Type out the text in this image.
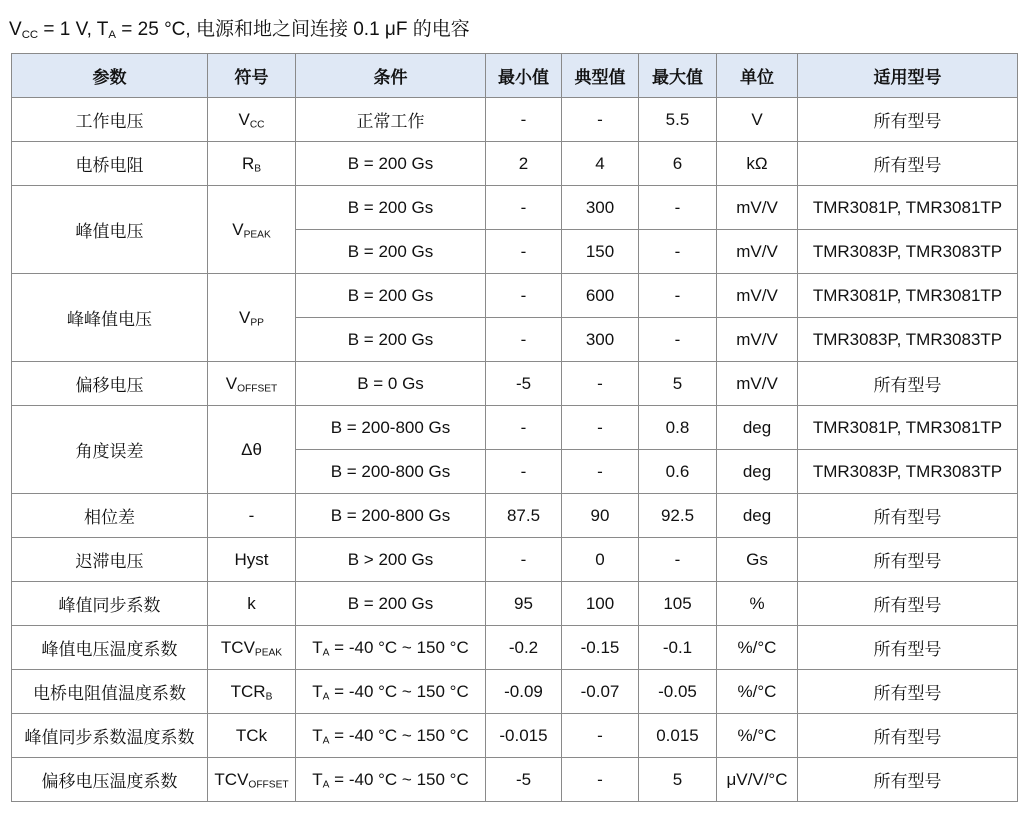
$V_{CC} = 1$ V, $T_A = 25$ °C, 电源和地之间连接 0.1 μF 的电容
参数	符号	条件	最小值	典型值	最大值	单位	适用型号
工作电压	$V_{CC}$	正常工作	-	-	5.5	V	所有型号
电桥电阻	$R_B$	B = 200 Gs	2	4	6	kΩ	所有型号
峰值电压	$V_{PEAK}$	B = 200 Gs	-	300	-	mV/V	TMR3081P, TMR3081TP
		B = 200 Gs	-	150	-	mV/V	TMR3083P, TMR3083TP
峰峰值电压	$V_{PP}$	B = 200 Gs	-	600	-	mV/V	TMR3081P, TMR3081TP
		B = 200 Gs	-	300	-	mV/V	TMR3083P, TMR3083TP
偏移电压	$V_{OFFSET}$	B = 0 Gs	-5	-	5	mV/V	所有型号
角度误差	Δθ	B = 200-800 Gs	-	-	0.8	deg	TMR3081P, TMR3081TP
		B = 200-800 Gs	-	-	0.6	deg	TMR3083P, TMR3083TP
相位差	-	B = 200-800 Gs	87.5	90	92.5	deg	所有型号
迟滞电压	Hyst	B > 200 Gs	-	0	-	Gs	所有型号
峰值同步系数	k	B = 200 Gs	95	100	105	%	所有型号
峰值电压温度系数	$TCV_{PEAK}$	$T_A = -40$ °C ~ 150 °C	-0.2	-0.15	-0.1	%/°C	所有型号
电桥电阻值温度系数	$TCR_B$	$T_A = -40$ °C ~ 150 °C	-0.09	-0.07	-0.05	%/°C	所有型号
峰值同步系数温度系数	TCk	$T_A = -40$ °C ~ 150 °C	-0.015	-	0.015	%/°C	所有型号
偏移电压温度系数	$TCV_{OFFSET}$	$T_A = -40$ °C ~ 150 °C	-5	-	5	μV/V/°C	所有型号
